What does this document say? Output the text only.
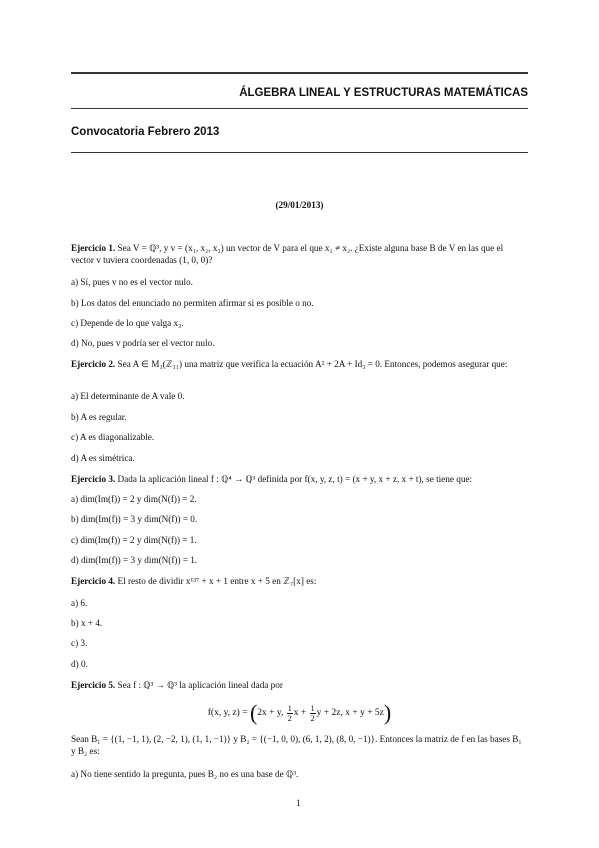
ÁLGEBRA LINEAL Y ESTRUCTURAS MATEMÁTICAS
Convocatoria Febrero 2013
(29/01/2013)
Ejercicio 1. Sea V = ℚ³, y v = (x₁, x₂, x₃) un vector de V para el que x₁ ≠ x₂. ¿Existe alguna base B de V en las que el vector v tuviera coordenadas (1, 0, 0)?
a) Sí, pues v no es el vector nulo.
b) Los datos del enunciado no permiten afirmar si es posible o no.
c) Depende de lo que valga x₃.
d) No, pues v podría ser el vector nulo.
Ejercicio 2. Sea A ∈ M₃(ℤ₁₁) una matriz que verifica la ecuación A² + 2A + Id₃ = 0. Entonces, podemos asegurar que:
a) El determinante de A vale 0.
b) A es regular.
c) A es diagonalizable.
d) A es simétrica.
Ejercicio 3. Dada la aplicación lineal f : ℚ⁴ → ℚ³ definida por f(x, y, z, t) = (x + y, x + z, x + t), se tiene que:
a) dim(Im(f)) = 2 y dim(N(f)) = 2.
b) dim(Im(f)) = 3 y dim(N(f)) = 0.
c) dim(Im(f)) = 2 y dim(N(f)) = 1.
d) dim(Im(f)) = 3 y dim(N(f)) = 1.
Ejercicio 4. El resto de dividir x¹³⁷ + x + 1 entre x + 5 en ℤ₇[x] es:
a) 6.
b) x + 4.
c) 3.
d) 0.
Ejercicio 5. Sea f : ℚ³ → ℚ³ la aplicación lineal dada por
f(x, y, z) = (2x + y, $\frac{1}{2}$ $x + \frac{1}{2}$ y + 2z, x + y + 5z)
Sean B₁ = {(1, −1, 1), (2, −2, 1), (1, 1, −1)} y B₂ = {(−1, 0, 0), (6, 1, 2), (8, 0, −1)}. Entonces la matriz de f en las bases B₁ y B₂ es:
a) No tiene sentido la pregunta, pues B₂ no es una base de ℚ³.
1
